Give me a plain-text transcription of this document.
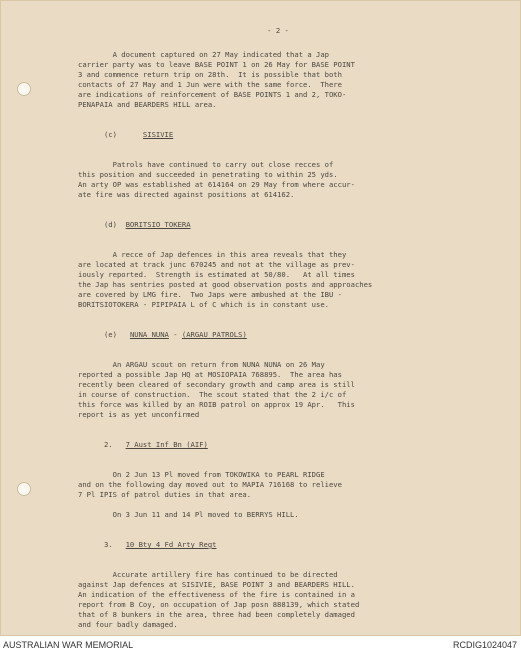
- 2 -
A document captured on 27 May indicated that a Jap
carrier party was to leave BASE POINT 1 on 26 May for BASE POINT
3 and commence return trip on 28th.  It is possible that both
contacts of 27 May and 1 Jun were with the same force.  There
are indications of reinforcement of BASE POINTS 1 and 2, TOKO-
PENAPAIA and BEARDERS HILL area.

(c)	SISIVIE

Patrols have continued to carry out close recces of
this position and succeeded in penetrating to within 25 yds.
An arty OP was established at 614164 on 29 May from where accur-
ate fire was directed against positions at 614162.

(d) BORITSIO TOKERA

A recce of Jap defences in this area reveals that they
are located at track junc 670245 and not at the village as prev-
iously reported.  Strength is estimated at 50/80.   At all times
the Jap has sentries posted at good observation posts and approaches
are covered by LMG fire.  Two Japs were ambushed at the IBU -
BORITSIOTOKERA - PIPIPAIA L of C which is in constant use.

(e) NUNA NUNA - (ARGAU PATROLS)

An ARGAU scout on return from NUNA NUNA on 26 May
reported a possible Jap HQ at MOSIOPAIA 768895.  The area has
recently been cleared of secondary growth and camp area is still
in course of construction.  The scout stated that the 2 i/c of
this force was killed by an ROIB patrol on approx 19 Apr.   This
report is as yet unconfirmed

2. 7 Aust Inf Bn (AIF)

On 2 Jun 13 Pl moved from TOKOWIKA to PEARL RIDGE
and on the following day moved out to MAPIA 716168 to relieve
7 Pl IPIS of patrol duties in that area.
On 3 Jun 11 and 14 Pl moved to BERRYS HILL.

3. 10 Bty 4 Fd Arty Regt

Accurate artillery fire has continued to be directed
against Jap defences at SISIVIE, BASE POINT 3 and BEARDERS HILL.
An indication of the effectiveness of the fire is contained in a
report from B Coy, on occupation of Jap posn 888139, which stated
that of 8 bunkers in the area, three had been completely damaged
and four badly damaged.
AUSTRALIAN WAR MEMORIAL	RCDIG1024047
